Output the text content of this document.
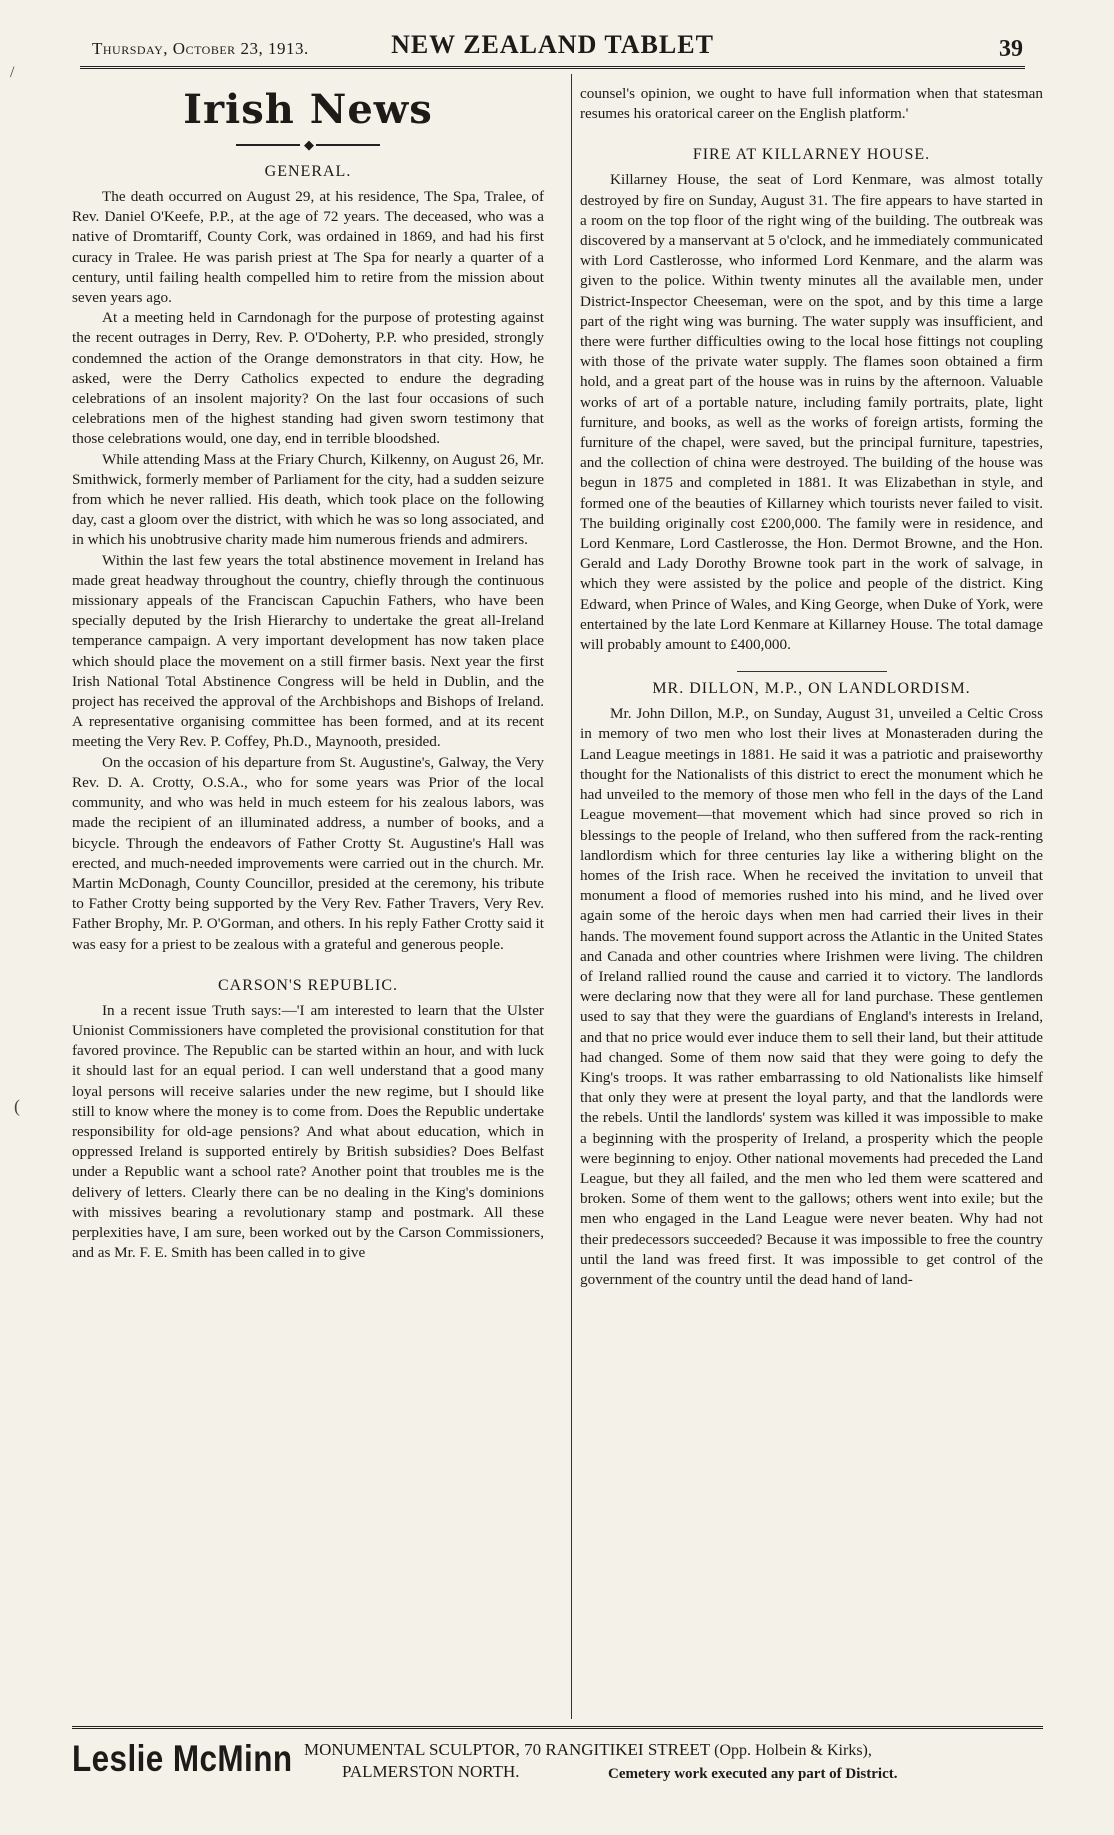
Thursday, October 23, 1913.	NEW ZEALAND TABLET	39
/
(
Irish News
◆
GENERAL.

The death occurred on August 29, at his residence, The Spa, Tralee, of Rev. Daniel O'Keefe, P.P., at the age of 72 years. The deceased, who was a native of Dromtariff, County Cork, was ordained in 1869, and had his first curacy in Tralee. He was parish priest at The Spa for nearly a quarter of a century, until failing health compelled him to retire from the mission about seven years ago.

At a meeting held in Carndonagh for the purpose of protesting against the recent outrages in Derry, Rev. P. O'Doherty, P.P. who presided, strongly condemned the action of the Orange demonstrators in that city. How, he asked, were the Derry Catholics expected to endure the degrading celebrations of an insolent majority? On the last four occasions of such celebrations men of the highest standing had given sworn testimony that those celebrations would, one day, end in terrible bloodshed.

While attending Mass at the Friary Church, Kilkenny, on August 26, Mr. Smithwick, formerly member of Parliament for the city, had a sudden seizure from which he never rallied. His death, which took place on the following day, cast a gloom over the district, with which he was so long associated, and in which his unobtrusive charity made him numerous friends and admirers.

Within the last few years the total abstinence movement in Ireland has made great headway throughout the country, chiefly through the continuous missionary appeals of the Franciscan Capuchin Fathers, who have been specially deputed by the Irish Hierarchy to undertake the great all-Ireland temperance campaign. A very important development has now taken place which should place the movement on a still firmer basis. Next year the first Irish National Total Abstinence Congress will be held in Dublin, and the project has received the approval of the Archbishops and Bishops of Ireland. A representative organising committee has been formed, and at its recent meeting the Very Rev. P. Coffey, Ph.D., Maynooth, presided.

On the occasion of his departure from St. Augustine's, Galway, the Very Rev. D. A. Crotty, O.S.A., who for some years was Prior of the local community, and who was held in much esteem for his zealous labors, was made the recipient of an illuminated address, a number of books, and a bicycle. Through the endeavors of Father Crotty St. Augustine's Hall was erected, and much-needed improvements were carried out in the church. Mr. Martin McDonagh, County Councillor, presided at the ceremony, his tribute to Father Crotty being supported by the Very Rev. Father Travers, Very Rev. Father Brophy, Mr. P. O'Gorman, and others. In his reply Father Crotty said it was easy for a priest to be zealous with a grateful and generous people.

CARSON'S REPUBLIC.

In a recent issue Truth says:—'I am interested to learn that the Ulster Unionist Commissioners have completed the provisional constitution for that favored province. The Republic can be started within an hour, and with luck it should last for an equal period. I can well understand that a good many loyal persons will receive salaries under the new regime, but I should like still to know where the money is to come from. Does the Republic undertake responsibility for old-age pensions? And what about education, which in oppressed Ireland is supported entirely by British subsidies? Does Belfast under a Republic want a school rate? Another point that troubles me is the delivery of letters. Clearly there can be no dealing in the King's dominions with missives bearing a revolutionary stamp and postmark. All these perplexities have, I am sure, been worked out by the Carson Commissioners, and as Mr. F. E. Smith has been called in to give

counsel's opinion, we ought to have full information when that statesman resumes his oratorical career on the English platform.'

FIRE AT KILLARNEY HOUSE.

Killarney House, the seat of Lord Kenmare, was almost totally destroyed by fire on Sunday, August 31. The fire appears to have started in a room on the top floor of the right wing of the building. The outbreak was discovered by a manservant at 5 o'clock, and he immediately communicated with Lord Castlerosse, who informed Lord Kenmare, and the alarm was given to the police. Within twenty minutes all the available men, under District-Inspector Cheeseman, were on the spot, and by this time a large part of the right wing was burning. The water supply was insufficient, and there were further difficulties owing to the local hose fittings not coupling with those of the private water supply. The flames soon obtained a firm hold, and a great part of the house was in ruins by the afternoon. Valuable works of art of a portable nature, including family portraits, plate, light furniture, and books, as well as the works of foreign artists, forming the furniture of the chapel, were saved, but the principal furniture, tapestries, and the collection of china were destroyed. The building of the house was begun in 1875 and completed in 1881. It was Elizabethan in style, and formed one of the beauties of Killarney which tourists never failed to visit. The building originally cost £200,000. The family were in residence, and Lord Kenmare, Lord Castlerosse, the Hon. Dermot Browne, and the Hon. Gerald and Lady Dorothy Browne took part in the work of salvage, in which they were assisted by the police and people of the district. King Edward, when Prince of Wales, and King George, when Duke of York, were entertained by the late Lord Kenmare at Killarney House. The total damage will probably amount to £400,000.

MR. DILLON, M.P., ON LANDLORDISM.

Mr. John Dillon, M.P., on Sunday, August 31, unveiled a Celtic Cross in memory of two men who lost their lives at Monasteraden during the Land League meetings in 1881. He said it was a patriotic and praiseworthy thought for the Nationalists of this district to erect the monument which he had unveiled to the memory of those men who fell in the days of the Land League movement—that movement which had since proved so rich in blessings to the people of Ireland, who then suffered from the rack-renting landlordism which for three centuries lay like a withering blight on the homes of the Irish race. When he received the invitation to unveil that monument a flood of memories rushed into his mind, and he lived over again some of the heroic days when men had carried their lives in their hands. The movement found support across the Atlantic in the United States and Canada and other countries where Irishmen were living. The children of Ireland rallied round the cause and carried it to victory. The landlords were declaring now that they were all for land purchase. These gentlemen used to say that they were the guardians of England's interests in Ireland, and that no price would ever induce them to sell their land, but their attitude had changed. Some of them now said that they were going to defy the King's troops. It was rather embarrassing to old Nationalists like himself that only they were at present the loyal party, and that the landlords were the rebels. Until the landlords' system was killed it was impossible to make a beginning with the prosperity of Ireland, a prosperity which the people were beginning to enjoy. Other national movements had preceded the Land League, but they all failed, and the men who led them were scattered and broken. Some of them went to the gallows; others went into exile; but the men who engaged in the Land League were never beaten. Why had not their predecessors succeeded? Because it was impossible to free the country until the land was freed first. It was impossible to get control of the government of the country until the dead hand of land-

Leslie McMinn MONUMENTAL SCULPTOR, 70 RANGITIKEI STREET (Opp. Holbein & Kirks),
PALMERSTON NORTH.	Cemetery work executed any part of District.
